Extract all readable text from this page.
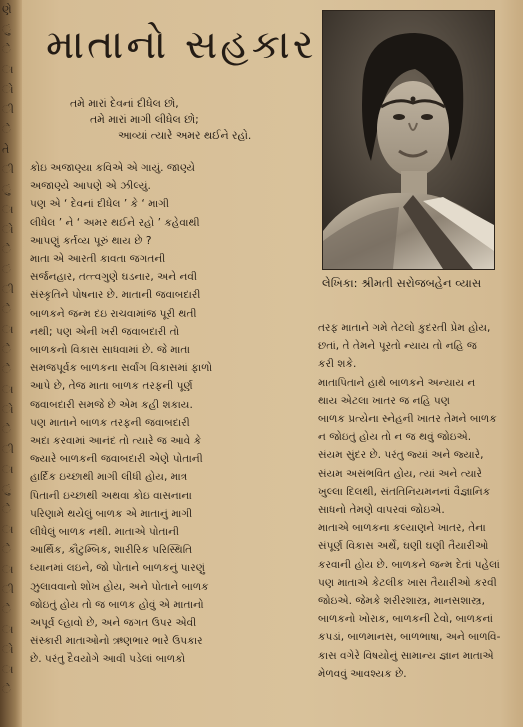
ણે
ું
ે
ા
ો
ી
ે
તે
ી
ું
ા
ો
ે
ં
ી
ે
ા
ે
ે
ા
ો
ે
ી
ા
ું
ે
ા
ે
ા
ી
ે
ા
ો
ા
ે
માતાનો સહકાર

તમે મારાં દેવનાં દીધેલ છો,

તમે મારાં માગી લીધેલ છો;

આવ્યાં ત્યારે અમર થઈને રહો.

લેખિકા: શ્રીમતી સરોજબહેન વ્યાસ

કોઇ અજાણ્યા કવિએ એ ગાયું. જાણ્યે

અજાણ્યે આપણે એ ઝીલ્યું.

પણ એ ‘ દેવનાં દીધેલ ’ કે ‘ માગી

લીધેલ ’ ને ‘ અમર થઈને રહો ’ કહેવાથી

આપણું કર્તવ્ય પૂરું થાય છે ?

માતા એ આરતી કાવતા જગતની

સર્જનહાર, તત્ત્વગુણે ઘડનાર, અને નવી

સંસ્કૃતિને પોષનાર છે. માતાની જવાબદારી

બાળકને જન્મ દઇ રાચવામાંજ પૂરી થતી

નથી; પણ એની ખરી જવાબદારી તો

બાળકનો વિકાસ સાધવામાં છે. જે માતા

સમજપૂર્વક બાળકના સર્વાંગ વિકાસમાં ફાળો

આપે છે, તેજ માતા બાળક તરફની પૂર્ણ

જવાબદારી સમજે છે એમ કહી શકાય.

પણ માતાને બાળક તરફની જવાબદારી

અદા કરવામાં આનંદ તો ત્યારે જ આવે કે

જ્યારે બાળકની જવાબદારી એણે પોતાની

હાર્દિક ઇચ્છાથી માગી લીધી હોય, માત્ર

પિતાની ઇચ્છાથી અથવા કોઇ વાસનાના

પરિણામે થયેલું બાળક એ માતાનું માગી

લીધેલું બાળક નથી. માતાએ પોતાની

આર્થિક, કૌટુમ્બિક, શારીરિક પરિસ્થિતિ

ધ્યાનમાં લઇને, જો પોતાને બાળકનું પારણું

ઝુલાવવાનો શોખ હોય, અને પોતાને બાળક

જોઇતું હોય તો જ બાળક હોવું એ માતાનો

અપૂર્વ લ્હાવો છે, અને જગત ઉપર એવી

સંસ્કારી માતાઓનો ઋણભાર ભારે ઉપકાર

છે. પરંતુ દૈવયોગે આવી પડેલાં બાળકો

તરફ માતાને ગમે તેટલો કુદરતી પ્રેમ હોય,

છતાં, તે તેમને પૂરતો ન્યાય તો નહિ જ

કરી શકે.

માતાપિતાને હાથે બાળકને અન્યાય ન

થાય એટલા ખાતર જ નહિ પણ

બાળક પ્રત્યેના સ્નેહની ખાતર તેમને બાળક

ન જોઇતું હોય તો ન જ થવું જોઇએ.

સંયમ સુંદર છે. પરંતુ જ્યાં અને જ્યારે,

સંયમ અસંભવિત હોય, ત્યાં અને ત્યારે

ખુલ્લા દિલથી, સંતતિનિયમનનાં વૈજ્ઞાનિક

સાધનો તેમણે વાપરવાં જોઇએ.

માતાએ બાળકના કલ્યાણને ખાતર, તેના

સંપૂર્ણ વિકાસ અર્થે, ઘણી ઘણી તૈયારીઓ

કરવાની હોય છે. બાળકને જન્મ દેતાં પહેલાં

પણ માતાએ કેટલીક ખાસ તૈયારીઓ કરવી

જોઇએ. જેમકે શરીરશાસ્ત્ર, માનસશાસ્ત્ર,

બાળકનો ખોરાક, બાળકની ટેવો, બાળકનાં

કપડાં, બાળમાનસ, બાળભાષા, અને બાળવિ-

કાસ વગેરે વિષયોનું સામાન્ય જ્ઞાન માતાએ

મેળવવું આવશ્યક છે.
